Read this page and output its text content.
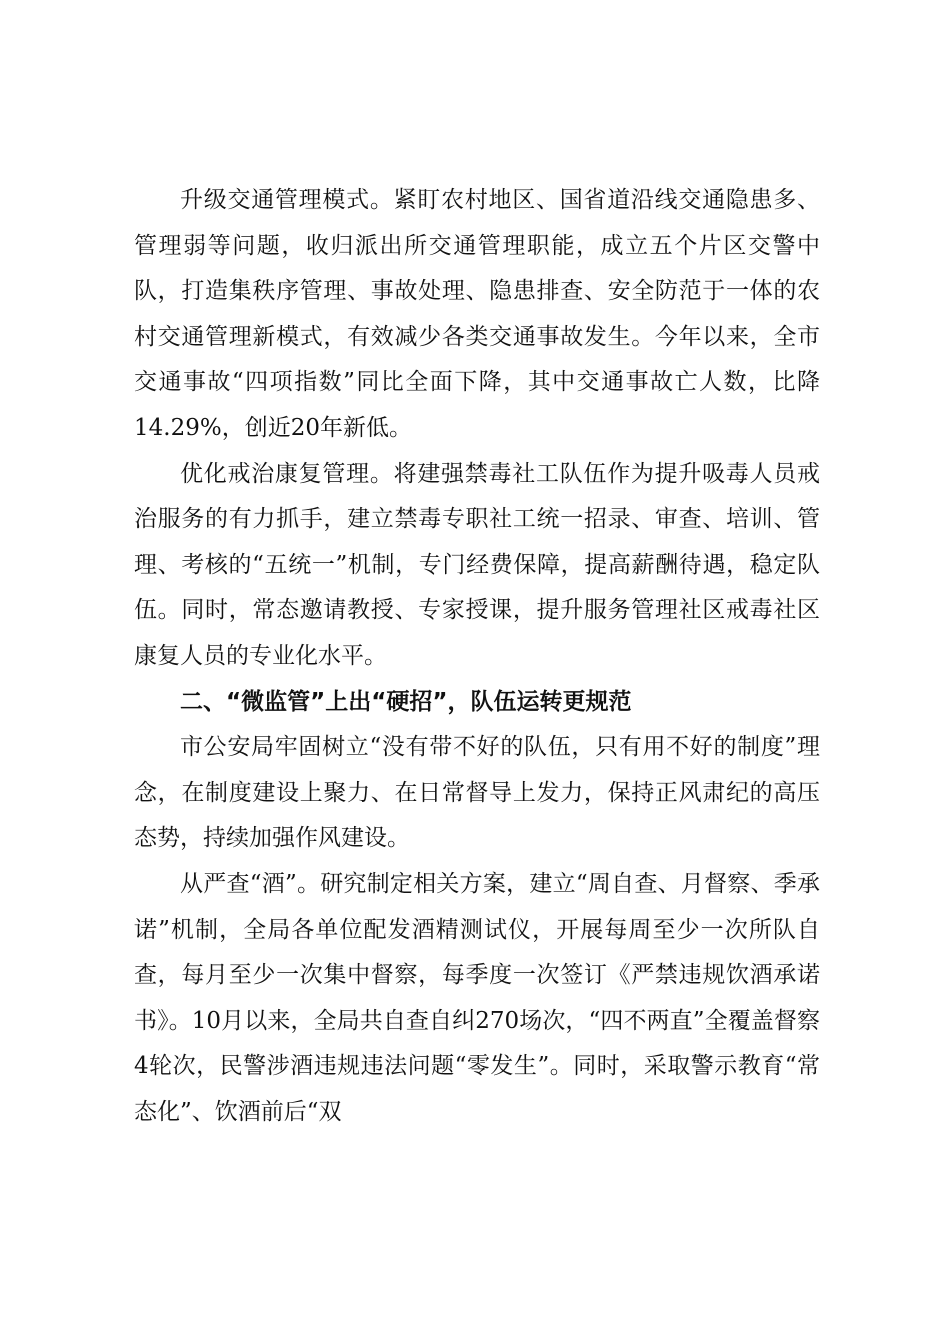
升级交通管理模式。紧盯农村地区、国省道沿线交通隐患多、管理弱等问题，收归派出所交通管理职能，成立五个片区交警中队，打造集秩序管理、事故处理、隐患排查、安全防范于一体的农村交通管理新模式，有效减少各类交通事故发生。今年以来，全市交通事故“四项指数”同比全面下降，其中交通事故亡人数，比降14.29%，创近20年新低。

优化戒治康复管理。将建强禁毒社工队伍作为提升吸毒人员戒治服务的有力抓手，建立禁毒专职社工统一招录、审查、培训、管理、考核的“五统一”机制，专门经费保障，提高薪酬待遇，稳定队伍。同时，常态邀请教授、专家授课，提升服务管理社区戒毒社区康复人员的专业化水平。

二、“微监管”上出“硬招”，队伍运转更规范

市公安局牢固树立“没有带不好的队伍，只有用不好的制度”理念，在制度建设上聚力、在日常督导上发力，保持正风肃纪的高压态势，持续加强作风建设。

从严查“酒”。研究制定相关方案，建立“周自查、月督察、季承诺”机制，全局各单位配发酒精测试仪，开展每周至少一次所队自查，每月至少一次集中督察，每季度一次签订《严禁违规饮酒承诺书》。10月以来，全局共自查自纠270场次，“四不两直”全覆盖督察4轮次，民警涉酒违规违法问题“零发生”。同时，采取警示教育“常态化”、饮酒前后“双
